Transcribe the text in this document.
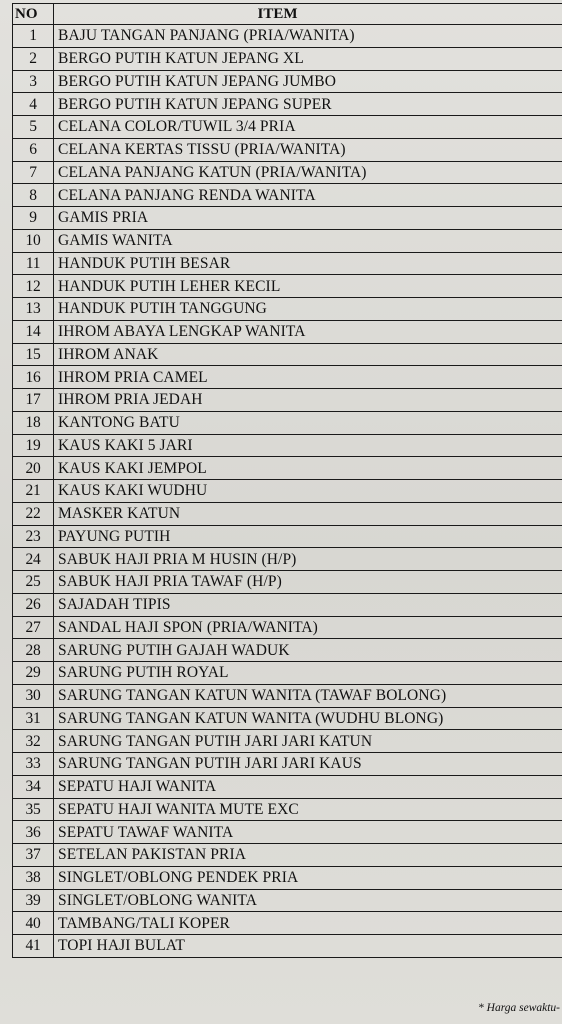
NO	ITEM
1	BAJU TANGAN PANJANG (PRIA/WANITA)
2	BERGO PUTIH KATUN JEPANG XL
3	BERGO PUTIH KATUN JEPANG JUMBO
4	BERGO PUTIH KATUN JEPANG SUPER
5	CELANA COLOR/TUWIL 3/4 PRIA
6	CELANA KERTAS TISSU (PRIA/WANITA)
7	CELANA PANJANG KATUN (PRIA/WANITA)
8	CELANA PANJANG RENDA WANITA
9	GAMIS PRIA
10	GAMIS WANITA
11	HANDUK PUTIH BESAR
12	HANDUK PUTIH LEHER KECIL
13	HANDUK PUTIH TANGGUNG
14	IHROM ABAYA LENGKAP WANITA
15	IHROM ANAK
16	IHROM PRIA CAMEL
17	IHROM PRIA JEDAH
18	KANTONG BATU
19	KAUS KAKI 5 JARI
20	KAUS KAKI JEMPOL
21	KAUS KAKI WUDHU
22	MASKER KATUN
23	PAYUNG PUTIH
24	SABUK HAJI PRIA M HUSIN (H/P)
25	SABUK HAJI PRIA TAWAF (H/P)
26	SAJADAH TIPIS
27	SANDAL HAJI SPON (PRIA/WANITA)
28	SARUNG PUTIH GAJAH WADUK
29	SARUNG PUTIH ROYAL
30	SARUNG TANGAN KATUN WANITA (TAWAF BOLONG)
31	SARUNG TANGAN KATUN WANITA (WUDHU BLONG)
32	SARUNG TANGAN PUTIH JARI JARI KATUN
33	SARUNG TANGAN PUTIH JARI JARI KAUS
34	SEPATU HAJI WANITA
35	SEPATU HAJI WANITA MUTE EXC
36	SEPATU TAWAF WANITA
37	SETELAN PAKISTAN PRIA
38	SINGLET/OBLONG PENDEK PRIA
39	SINGLET/OBLONG WANITA
40	TAMBANG/TALI KOPER
41	TOPI HAJI BULAT
* Harga sewaktu-
